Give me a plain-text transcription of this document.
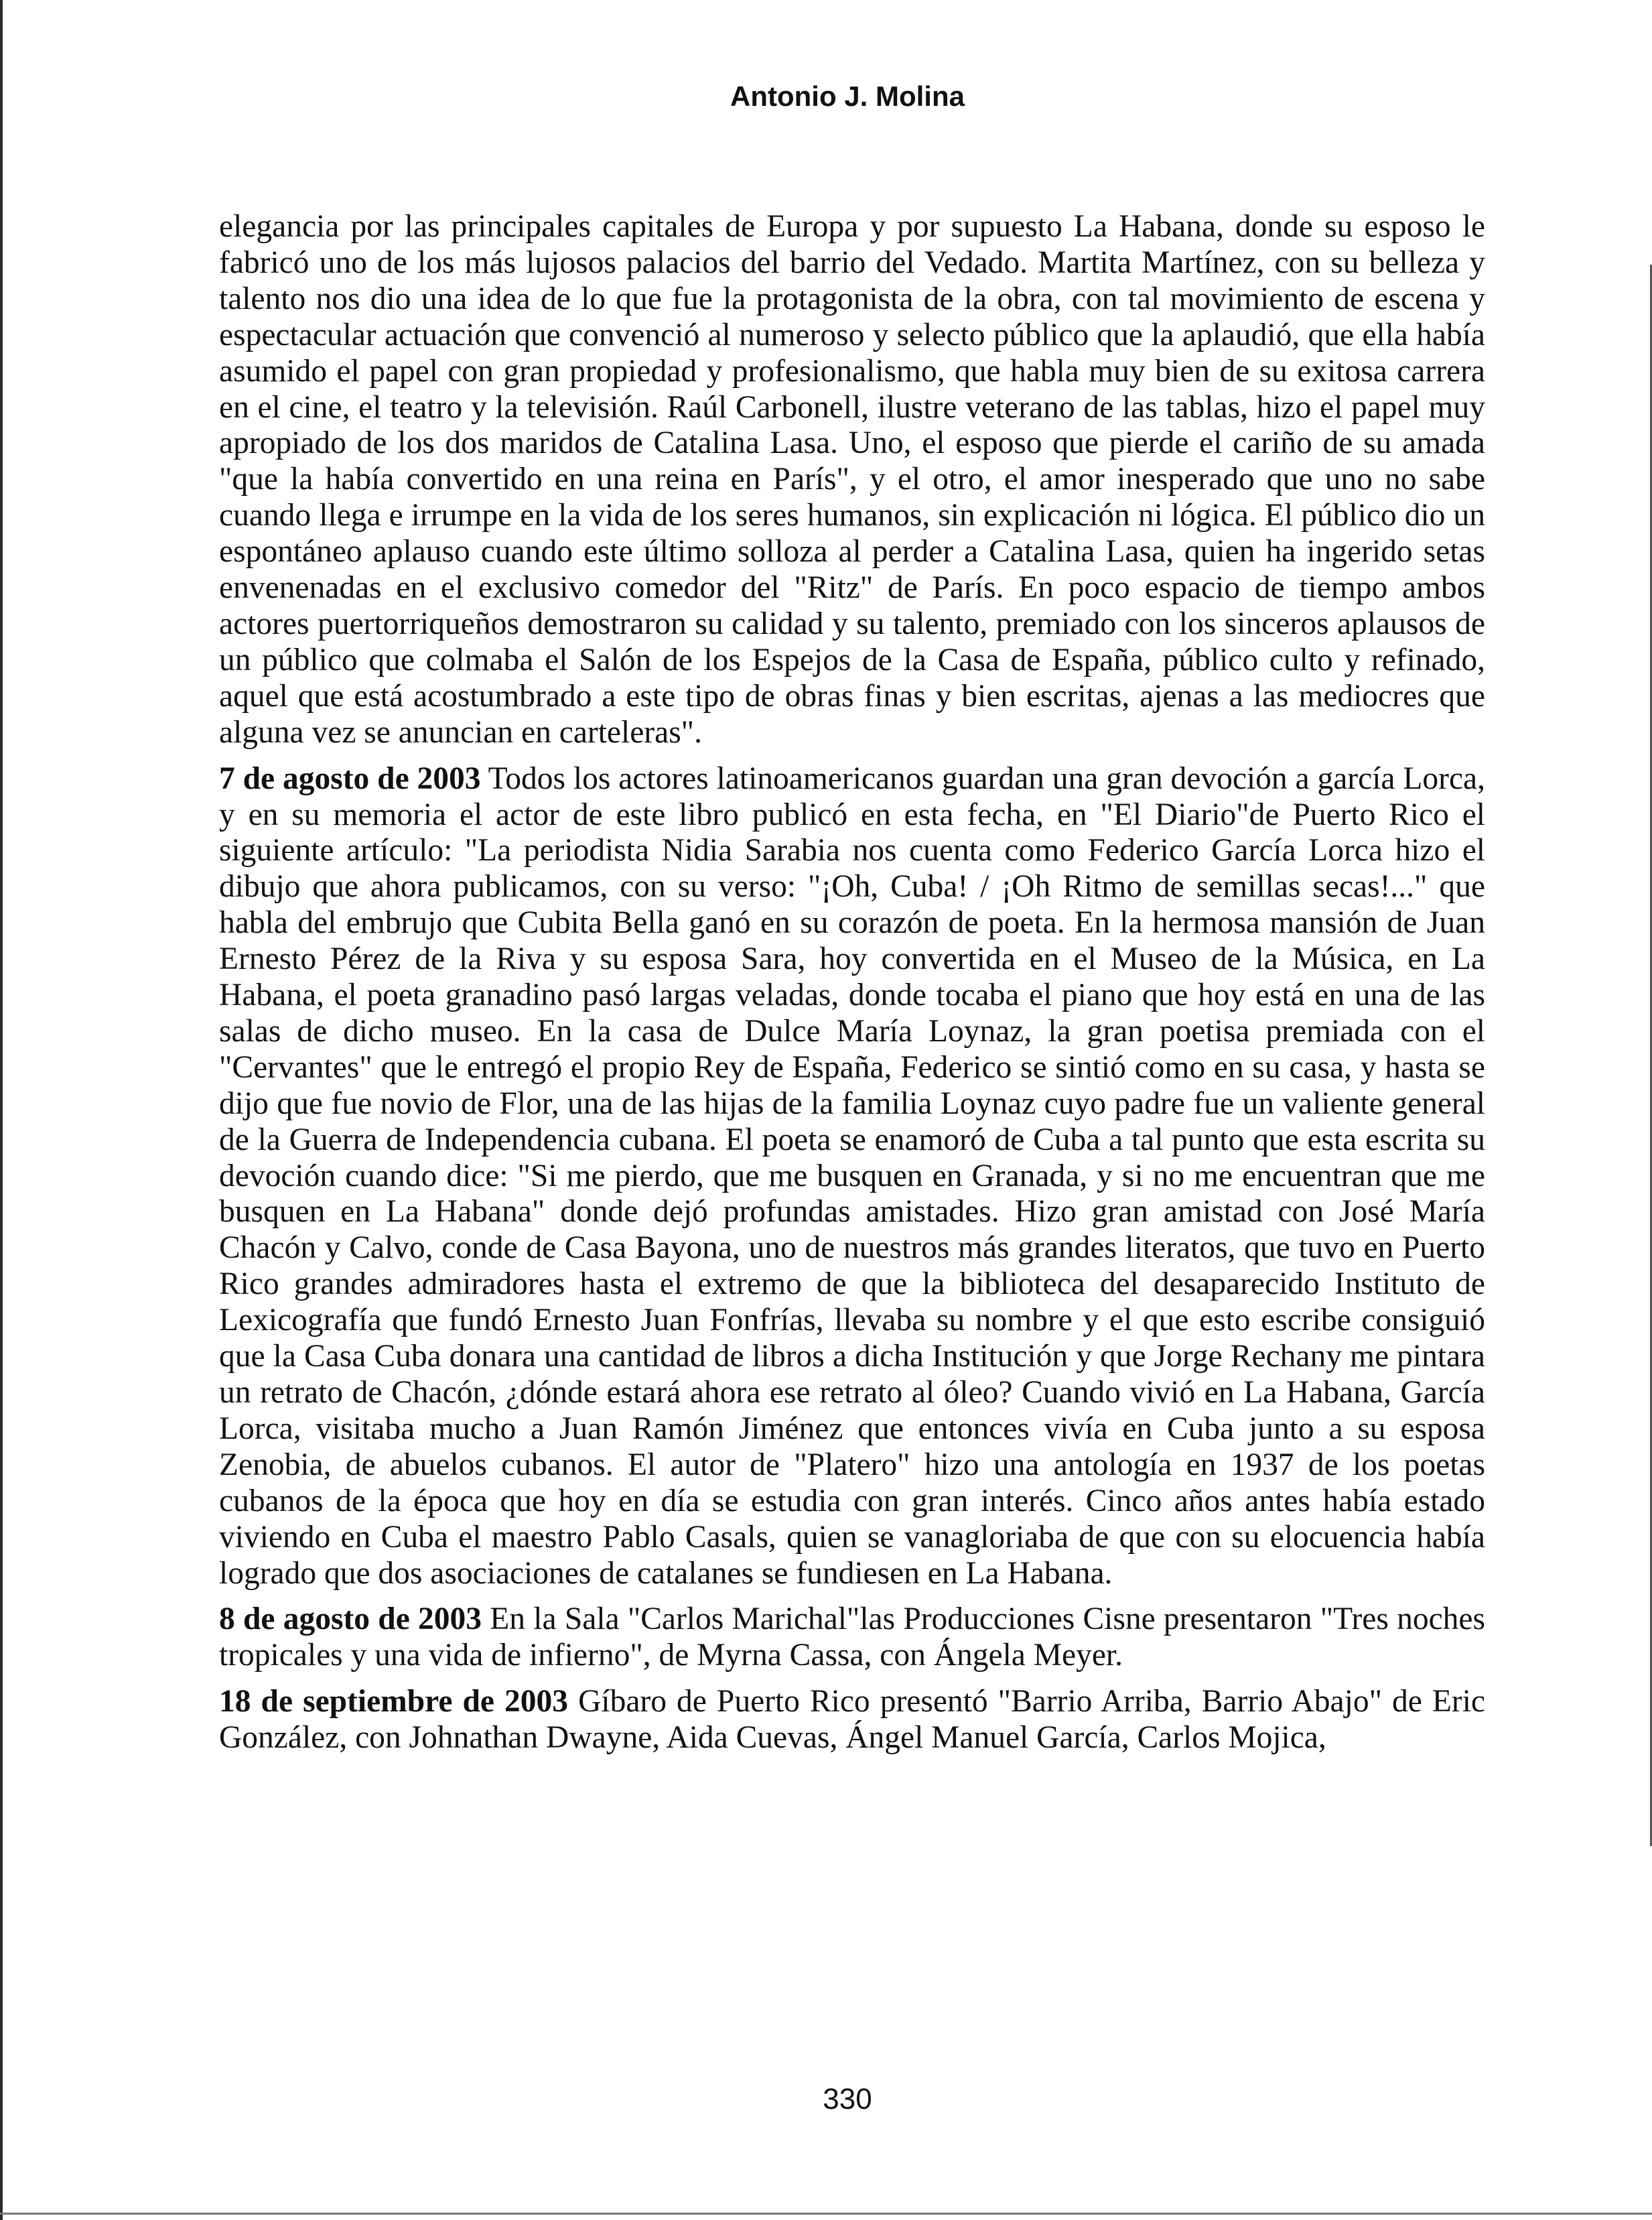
Antonio J. Molina

elegancia por las principales capitales de Europa y por supuesto La Habana, donde su esposo le fabricó uno de los más lujosos palacios del barrio del Vedado. Martita Martínez, con su belleza y talento nos dio una idea de lo que fue la protagonista de la obra, con tal movimiento de escena y espectacular actuación que convenció al numeroso y selecto público que la aplaudió, que ella había asumido el papel con gran propiedad y profesionalismo, que habla muy bien de su exitosa carrera en el cine, el teatro y la televisión. Raúl Carbonell, ilustre veterano de las tablas, hizo el papel muy apropiado de los dos maridos de Catalina Lasa. Uno, el esposo que pierde el cariño de su amada "que la había convertido en una reina en París", y el otro, el amor inesperado que uno no sabe cuando llega e irrumpe en la vida de los seres humanos, sin explicación ni lógica. El público dio un espontáneo aplauso cuando este último solloza al perder a Catalina Lasa, quien ha ingerido setas envenenadas en el exclusivo comedor del "Ritz" de París. En poco espacio de tiempo ambos actores puertorriqueños demostraron su calidad y su talento, premiado con los sinceros aplausos de un público que colmaba el Salón de los Espejos de la Casa de España, público culto y refinado, aquel que está acostumbrado a este tipo de obras finas y bien escritas, ajenas a las mediocres que alguna vez se anuncian en carteleras".

7 de agosto de 2003 Todos los actores latinoamericanos guardan una gran devoción a garcía Lorca, y en su memoria el actor de este libro publicó en esta fecha, en "El Diario"de Puerto Rico el siguiente artículo: "La periodista Nidia Sarabia nos cuenta como Federico García Lorca hizo el dibujo que ahora publicamos, con su verso: "¡Oh, Cuba! / ¡Oh Ritmo de semillas secas!..." que habla del embrujo que Cubita Bella ganó en su corazón de poeta. En la hermosa mansión de Juan Ernesto Pérez de la Riva y su esposa Sara, hoy convertida en el Museo de la Música, en La Habana, el poeta granadino pasó largas veladas, donde tocaba el piano que hoy está en una de las salas de dicho museo. En la casa de Dulce María Loynaz, la gran poetisa premiada con el "Cervantes" que le entregó el propio Rey de España, Federico se sintió como en su casa, y hasta se dijo que fue novio de Flor, una de las hijas de la familia Loynaz cuyo padre fue un valiente general de la Guerra de Independencia cubana. El poeta se enamoró de Cuba a tal punto que esta escrita su devoción cuando dice: "Si me pierdo, que me busquen en Granada, y si no me encuentran que me busquen en La Habana" donde dejó profundas amistades. Hizo gran amistad con José María Chacón y Calvo, conde de Casa Bayona, uno de nuestros más grandes literatos, que tuvo en Puerto Rico grandes admiradores hasta el extremo de que la biblioteca del desaparecido Instituto de Lexicografía que fundó Ernesto Juan Fonfrías, llevaba su nombre y el que esto escribe consiguió que la Casa Cuba donara una cantidad de libros a dicha Institución y que Jorge Rechany me pintara un retrato de Chacón, ¿dónde estará ahora ese retrato al óleo? Cuando vivió en La Habana, García Lorca, visitaba mucho a Juan Ramón Jiménez que entonces vivía en Cuba junto a su esposa Zenobia, de abuelos cubanos. El autor de "Platero" hizo una antología en 1937 de los poetas cubanos de la época que hoy en día se estudia con gran interés. Cinco años antes había estado viviendo en Cuba el maestro Pablo Casals, quien se vanagloriaba de que con su elocuencia había logrado que dos asociaciones de catalanes se fundiesen en La Habana.

8 de agosto de 2003 En la Sala "Carlos Marichal"las Producciones Cisne presentaron "Tres noches tropicales y una vida de infierno", de Myrna Cassa, con Ángela Meyer.

18 de septiembre de 2003 Gíbaro de Puerto Rico presentó "Barrio Arriba, Barrio Abajo" de Eric González, con Johnathan Dwayne, Aida Cuevas, Ángel Manuel García, Carlos Mojica,

330
